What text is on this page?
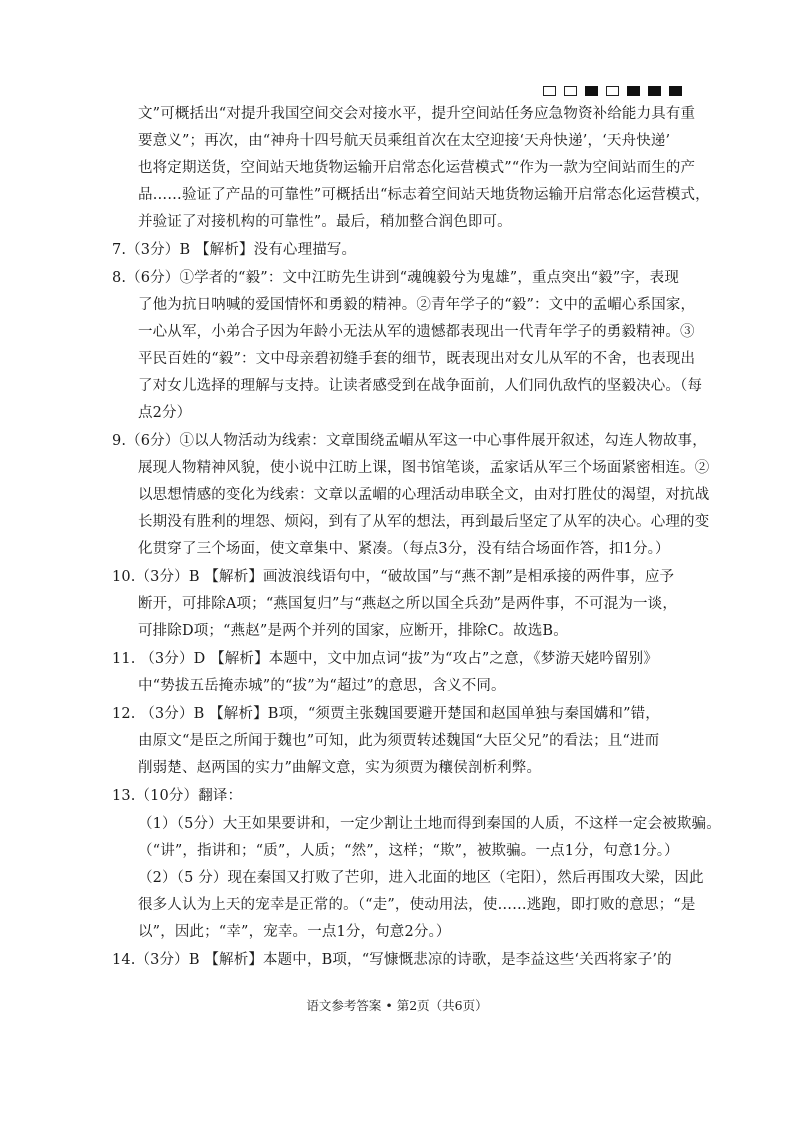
文”可概括出“对提升我国空间交会对接水平，提升空间站任务应急物资补给能力具有重
要意义”；再次，由“神舟十四号航天员乘组首次在太空迎接‘天舟快递’，‘天舟快递’
也将定期送货，空间站天地货物运输开启常态化运营模式”“作为一款为空间站而生的产
品……验证了产品的可靠性”可概括出“标志着空间站天地货物运输开启常态化运营模式，
并验证了对接机构的可靠性”。最后，稍加整合润色即可。
7.（3分）B 【解析】没有心理描写。
8.（6分）①学者的“毅”：文中江昉先生讲到“魂魄毅兮为鬼雄”，重点突出“毅”字，表现
了他为抗日呐喊的爱国情怀和勇毅的精神。②青年学子的“毅”：文中的孟嵋心系国家，
一心从军，小弟合子因为年龄小无法从军的遗憾都表现出一代青年学子的勇毅精神。③
平民百姓的“毅”：文中母亲碧初缝手套的细节，既表现出对女儿从军的不舍，也表现出
了对女儿选择的理解与支持。让读者感受到在战争面前，人们同仇敌忾的坚毅决心。（每
点2分）
9.（6分）①以人物活动为线索：文章围绕孟嵋从军这一中心事件展开叙述，勾连人物故事，
展现人物精神风貌，使小说中江昉上课，图书馆笔谈，孟家话从军三个场面紧密相连。②
以思想情感的变化为线索：文章以孟嵋的心理活动串联全文，由对打胜仗的渴望，对抗战
长期没有胜利的埋怨、烦闷，到有了从军的想法，再到最后坚定了从军的决心。心理的变
化贯穿了三个场面，使文章集中、紧凑。（每点3分，没有结合场面作答，扣1分。）
10.（3分）B 【解析】画波浪线语句中，“破故国”与“燕不割”是相承接的两件事，应予
断开，可排除A项；“燕国复归”与“燕赵之所以国全兵劲”是两件事，不可混为一谈，
可排除D项；“燕赵”是两个并列的国家，应断开，排除C。故选B。
11. （3分）D 【解析】本题中，文中加点词“拔”为“攻占”之意，《梦游天姥吟留别》
中“势拔五岳掩赤城”的“拔”为“超过”的意思，含义不同。
12. （3分）B 【解析】B项，“须贾主张魏国要避开楚国和赵国单独与秦国媾和”错，
由原文“是臣之所闻于魏也”可知，此为须贾转述魏国“大臣父兄”的看法；且“进而
削弱楚、赵两国的实力”曲解文意，实为须贾为穰侯剖析利弊。
13.（10分）翻译：
（1）（5分）大王如果要讲和，一定少割让土地而得到秦国的人质，不这样一定会被欺骗。
（“讲”，指讲和；“质”，人质；“然”，这样；“欺”，被欺骗。一点1分，句意1分。）
（2）（5 分）现在秦国又打败了芒卯，进入北面的地区（宅阳），然后再围攻大梁，因此
很多人认为上天的宠幸是正常的。（“走”，使动用法，使……逃跑，即打败的意思；“是
以”，因此；“幸”，宠幸。一点1分，句意2分。）
14.（3分）B 【解析】本题中，B项，“写慷慨悲凉的诗歌，是李益这些‘关西将家子’的
语文参考答案 • 第2页（共6页）
